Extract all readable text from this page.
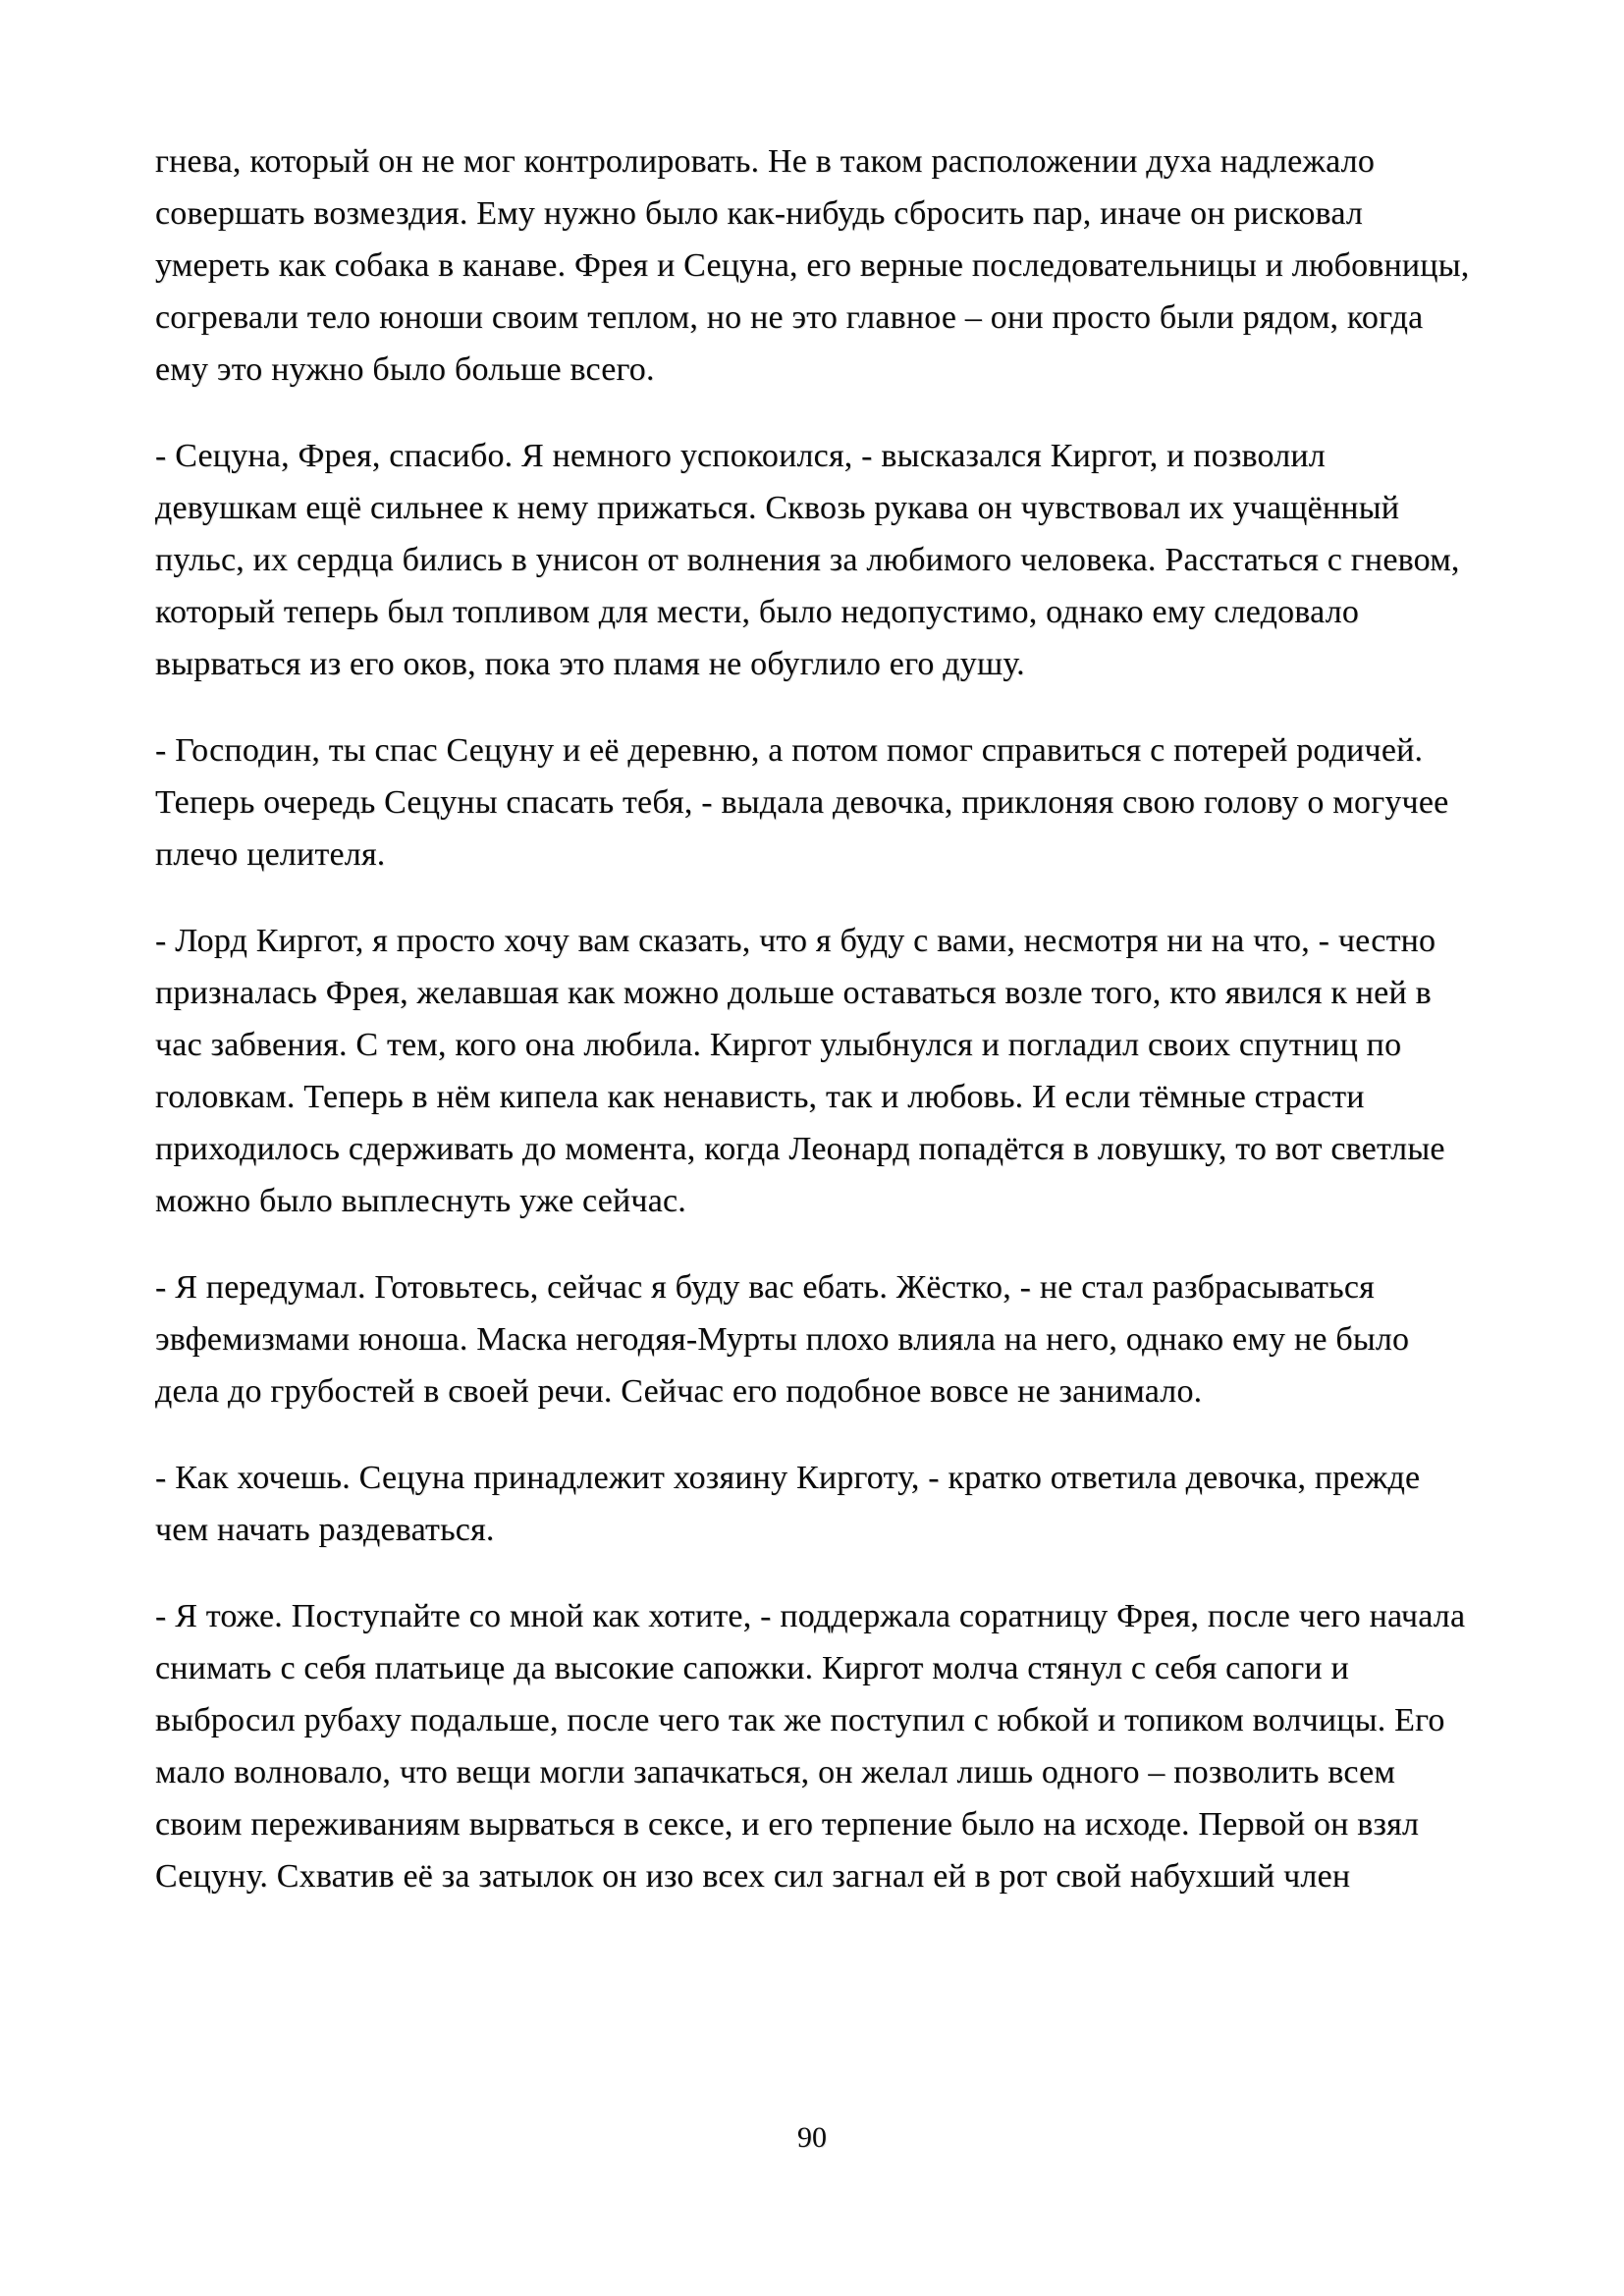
гнева, который он не мог контролировать. Не в таком расположении духа надлежало совершать возмездия. Ему нужно было как-нибудь сбросить пар, иначе он рисковал умереть как собака в канаве. Фрея и Сецуна, его верные последовательницы и любовницы, согревали тело юноши своим теплом, но не это главное – они просто были рядом, когда ему это нужно было больше всего.

- Сецуна, Фрея, спасибо. Я немного успокоился, - высказался Киргот, и позволил девушкам ещё сильнее к нему прижаться. Сквозь рукава он чувствовал их учащённый пульс, их сердца бились в унисон от волнения за любимого человека. Расстаться с гневом, который теперь был топливом для мести, было недопустимо, однако ему следовало вырваться из его оков, пока это пламя не обуглило его душу.

- Господин, ты спас Сецуну и её деревню, а потом помог справиться с потерей родичей. Теперь очередь Сецуны спасать тебя, - выдала девочка, приклоняя свою голову о могучее плечо целителя.

- Лорд Киргот, я просто хочу вам сказать, что я буду с вами, несмотря ни на что, - честно призналась Фрея, желавшая как можно дольше оставаться возле того, кто явился к ней в час забвения. С тем, кого она любила. Киргот улыбнулся и погладил своих спутниц по головкам. Теперь в нём кипела как ненависть, так и любовь. И если тёмные страсти приходилось сдерживать до момента, когда Леонард попадётся в ловушку, то вот светлые можно было выплеснуть уже сейчас.

- Я передумал. Готовьтесь, сейчас я буду вас ебать. Жёстко, - не стал разбрасываться эвфемизмами юноша. Маска негодяя-Мурты плохо влияла на него, однако ему не было дела до грубостей в своей речи. Сейчас его подобное вовсе не занимало.

- Как хочешь. Сецуна принадлежит хозяину Кирготу, - кратко ответила девочка, прежде чем начать раздеваться.

- Я тоже. Поступайте со мной как хотите, - поддержала соратницу Фрея, после чего начала снимать с себя платьице да высокие сапожки. Киргот молча стянул с себя сапоги и выбросил рубаху подальше, после чего так же поступил с юбкой и топиком волчицы. Его мало волновало, что вещи могли запачкаться, он желал лишь одного – позволить всем своим переживаниям вырваться в сексе, и его терпение было на исходе. Первой он взял Сецуну. Схватив её за затылок он изо всех сил загнал ей в рот свой набухший член

90
